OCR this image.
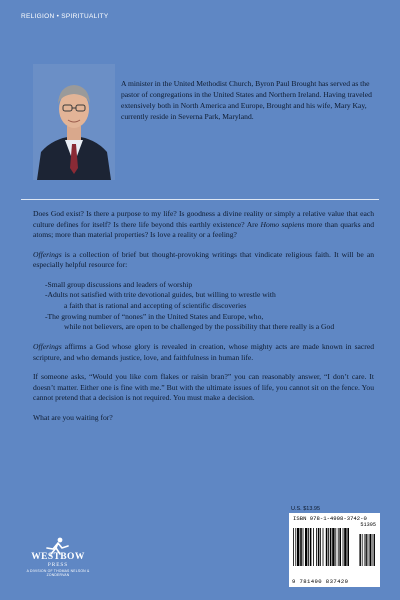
RELIGION • SPIRITUALITY
A minister in the United Methodist Church, Byron Paul Brought has served as the pastor of congregations in the United States and Northern Ireland. Having traveled extensively both in North America and Europe, Brought and his wife, Mary Kay, currently reside in Severna Park, Maryland.

Does God exist? Is there a purpose to my life? Is goodness a divine reality or simply a relative value that each culture defines for itself? Is there life beyond this earthly existence? Are Homo sapiens more than quarks and atoms; more than material properties? Is love a reality or a feeling?

Offerings is a collection of brief but thought-provoking writings that vindicate religious faith. It will be an especially helpful resource for:

-Small group discussions and leaders of worship
-Adults not satisfied with trite devotional guides, but willing to wrestle with
a faith that is rational and accepting of scientific discoveries
-The growing number of “nones” in the United States and Europe, who,
while not believers, are open to be challenged by the possibility that there really is a God

Offerings affirms a God whose glory is revealed in creation, whose mighty acts are made known in sacred scripture, and who demands justice, love, and faithfulness in human life.

If someone asks, “Would you like corn flakes or raisin bran?” you can reasonably answer, “I don’t care. It doesn’t matter. Either one is fine with me.” But with the ultimate issues of life, you cannot sit on the fence. You cannot pretend that a decision is not required. You must make a decision.

What are you waiting for?

U.S. $13.95
ISBN 978-1-4908-3742-0
51395
9 781490 837420
WESTBOW
PRESS
A DIVISION OF THOMAS NELSON & ZONDERVAN
